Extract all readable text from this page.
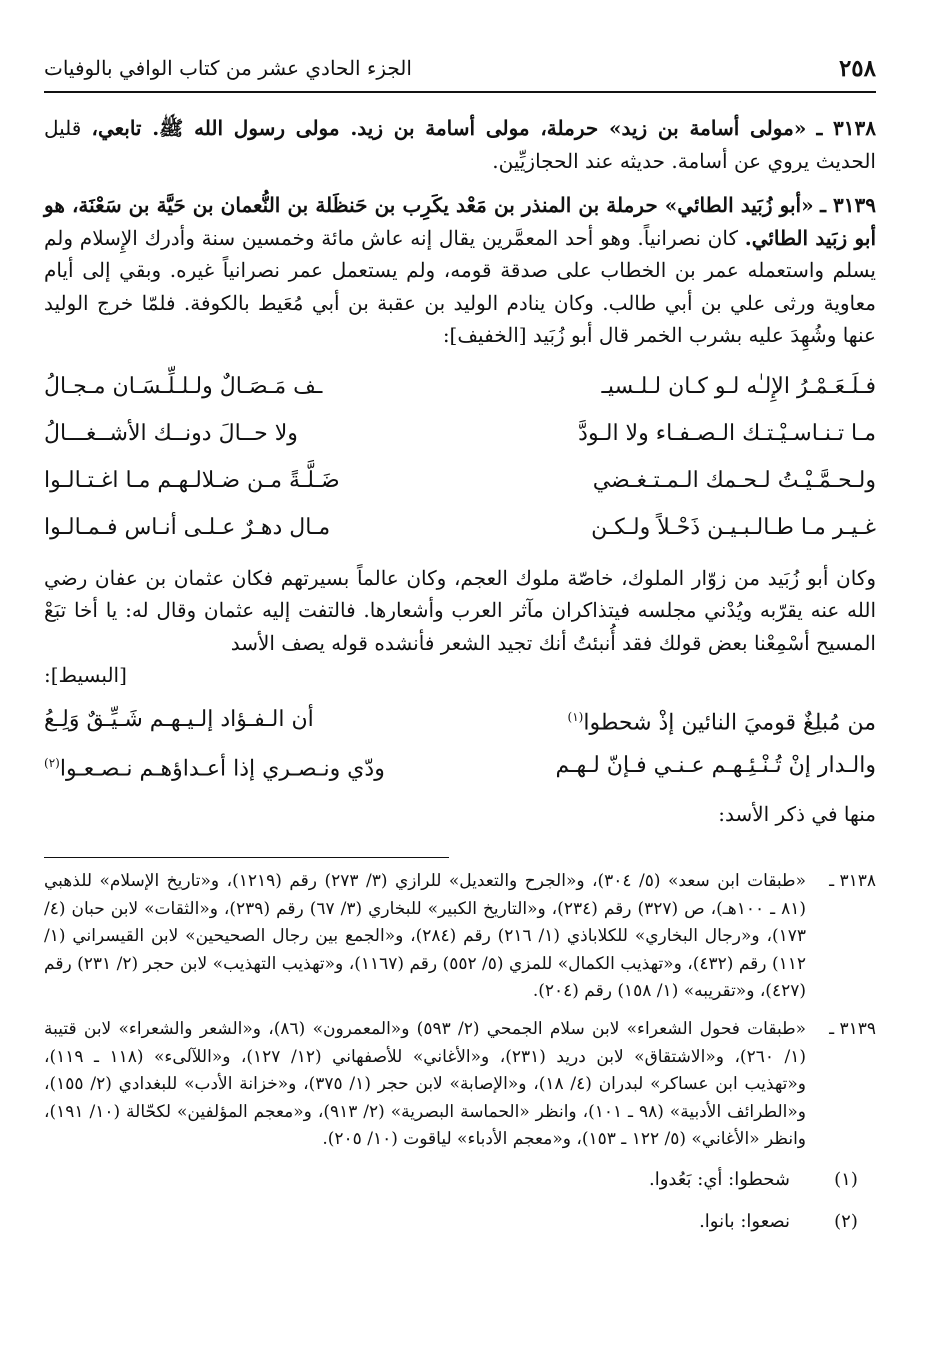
٢٥٨
الجزء الحادي عشر من كتاب الوافي بالوفيات

٣١٣٨ ـ «مولى أسامة بن زيد» حرملة، مولى أسامة بن زيد. مولى رسول الله ﷺ. تابعي، قليل الحديث يروي عن أسامة. حديثه عند الحجازيِّين.

٣١٣٩ ـ «أبو زُبَيد الطائي» حرملة بن المنذر بن مَعْد يكَرِب بن حَنظَلة بن النُّعمان بن حَيَّة بن سَعْنَة، هو أبو زبَيد الطائي. كان نصرانياً. وهو أحد المعمَّرين يقال إنه عاش مائة وخمسين سنة وأدرك الإِسلام ولم يسلم واستعمله عمر بن الخطاب على صدقة قومه، ولم يستعمل عمر نصرانياً غيره. وبقي إلى أيام معاوية ورثى علي بن أبي طالب. وكان ينادم الوليد بن عقبة بن أبي مُعَيط بالكوفة. فلمّا خرج الوليد عنها وشُهِدَ عليه بشرب الخمر قال أبو زُبَيد [الخفيف]:

فـلَـعَـمْـرُ الإِلـٰه لـو كـان لـلـسيـ
ـف مَـصَـالٌ ولـلـلِّـسَـان مـجـالُ
مـا تـنـاسـيْـتـك الـصـفـاء ولا الـودَّ
ولا حــالَ دونــك الأشــغـــالُ
ولـحـمَّـيْـتُ لـحـمك الـمـتـغـضي
ضَـلَّـةً مـن ضـلالـهـم مـا اغـتـالـوا
غـيـر مـا طـالـبـيـن ذَحْـلاً ولـكـن
مـال دهـرٌ عـلـى أنـاس فـمـالـوا

وكان أبو زُبَيد من زوّار الملوك، خاصّة ملوك العجم، وكان عالماً بسيرتهم فكان عثمان بن عفان رضي الله عنه يقرّبه ويُدْني مجلسه فيتذاكران مآثر العرب وأشعارها. فالتفت إليه عثمان وقال له: يا أخا تبَعْ المسيح أسْمِعْنا بعض قولك فقد أُنبئتُ أنك تجيد الشعر فأنشده قوله يصف الأسد

[البسيط]:
من مُبلِغٌ قوميَ النائين إذْ شحطوا$^{(١)}$
أن الـفـؤاد إلـيـهـم شَـيِّـقٌ وَلِـعُ
والـدار إنْ تُـنْـئِـهـم عـنـي فـإنّ لـهـم
ودّي ونـصـري إذا أعـداؤهـم نـصـعـوا$^{(٢)}$
منها في ذكر الأسد:
٣١٣٨ ـ
«طبقات ابن سعد» (٥/ ٣٠٤)، و«الجرح والتعديل» للرازي (٣/ ٢٧٣) رقم (١٢١٩)، و«تاريخ الإسلام» للذهبي (٨١ ـ ١٠٠هـ)، ص (٣٢٧) رقم (٢٣٤)، و«التاريخ الكبير» للبخاري (٣/ ٦٧) رقم (٢٣٩)، و«الثقات» لابن حبان (٤/ ١٧٣)، و«رجال البخاري» للكلاباذي (١/ ٢١٦) رقم (٢٨٤)، و«الجمع بين رجال الصحيحين» لابن القيسراني (١/ ١١٢) رقم (٤٣٢)، و«تهذيب الكمال» للمزي (٥/ ٥٥٢) رقم (١١٦٧)، و«تهذيب التهذيب» لابن حجر (٢/ ٢٣١) رقم (٤٢٧)، و«تقريبه» (١/ ١٥٨) رقم (٢٠٤).
٣١٣٩ ـ
«طبقات فحول الشعراء» لابن سلام الجمحي (٢/ ٥٩٣) و«المعمرون» (٨٦)، و«الشعر والشعراء» لابن قتيبة (١/ ٢٦٠)، و«الاشتقاق» لابن دريد (٢٣١)، و«الأغاني» للأصفهاني (١٢/ ١٢٧)، و«اللآلىء» (١١٨ ـ ١١٩)، و«تهذيب ابن عساكر» لبدران (٤/ ١٨)، و«الإصابة» لابن حجر (١/ ٣٧٥)، و«خزانة الأدب» للبغدادي (٢/ ١٥٥)، و«الطرائف الأدبية» (٩٨ ـ ١٠١)، وانظر «الحماسة البصرية» (٢/ ٩١٣)، و«معجم المؤلفين» لكحّالة (١٠/ ١٩١)، وانظر «الأغاني» (٥/ ١٢٢ ـ ١٥٣)، و«معجم الأدباء» لياقوت (١٠/ ٢٠٥).
(١)
شحطوا: أي: بَعُدوا.
(٢)
نصعوا: بانوا.
